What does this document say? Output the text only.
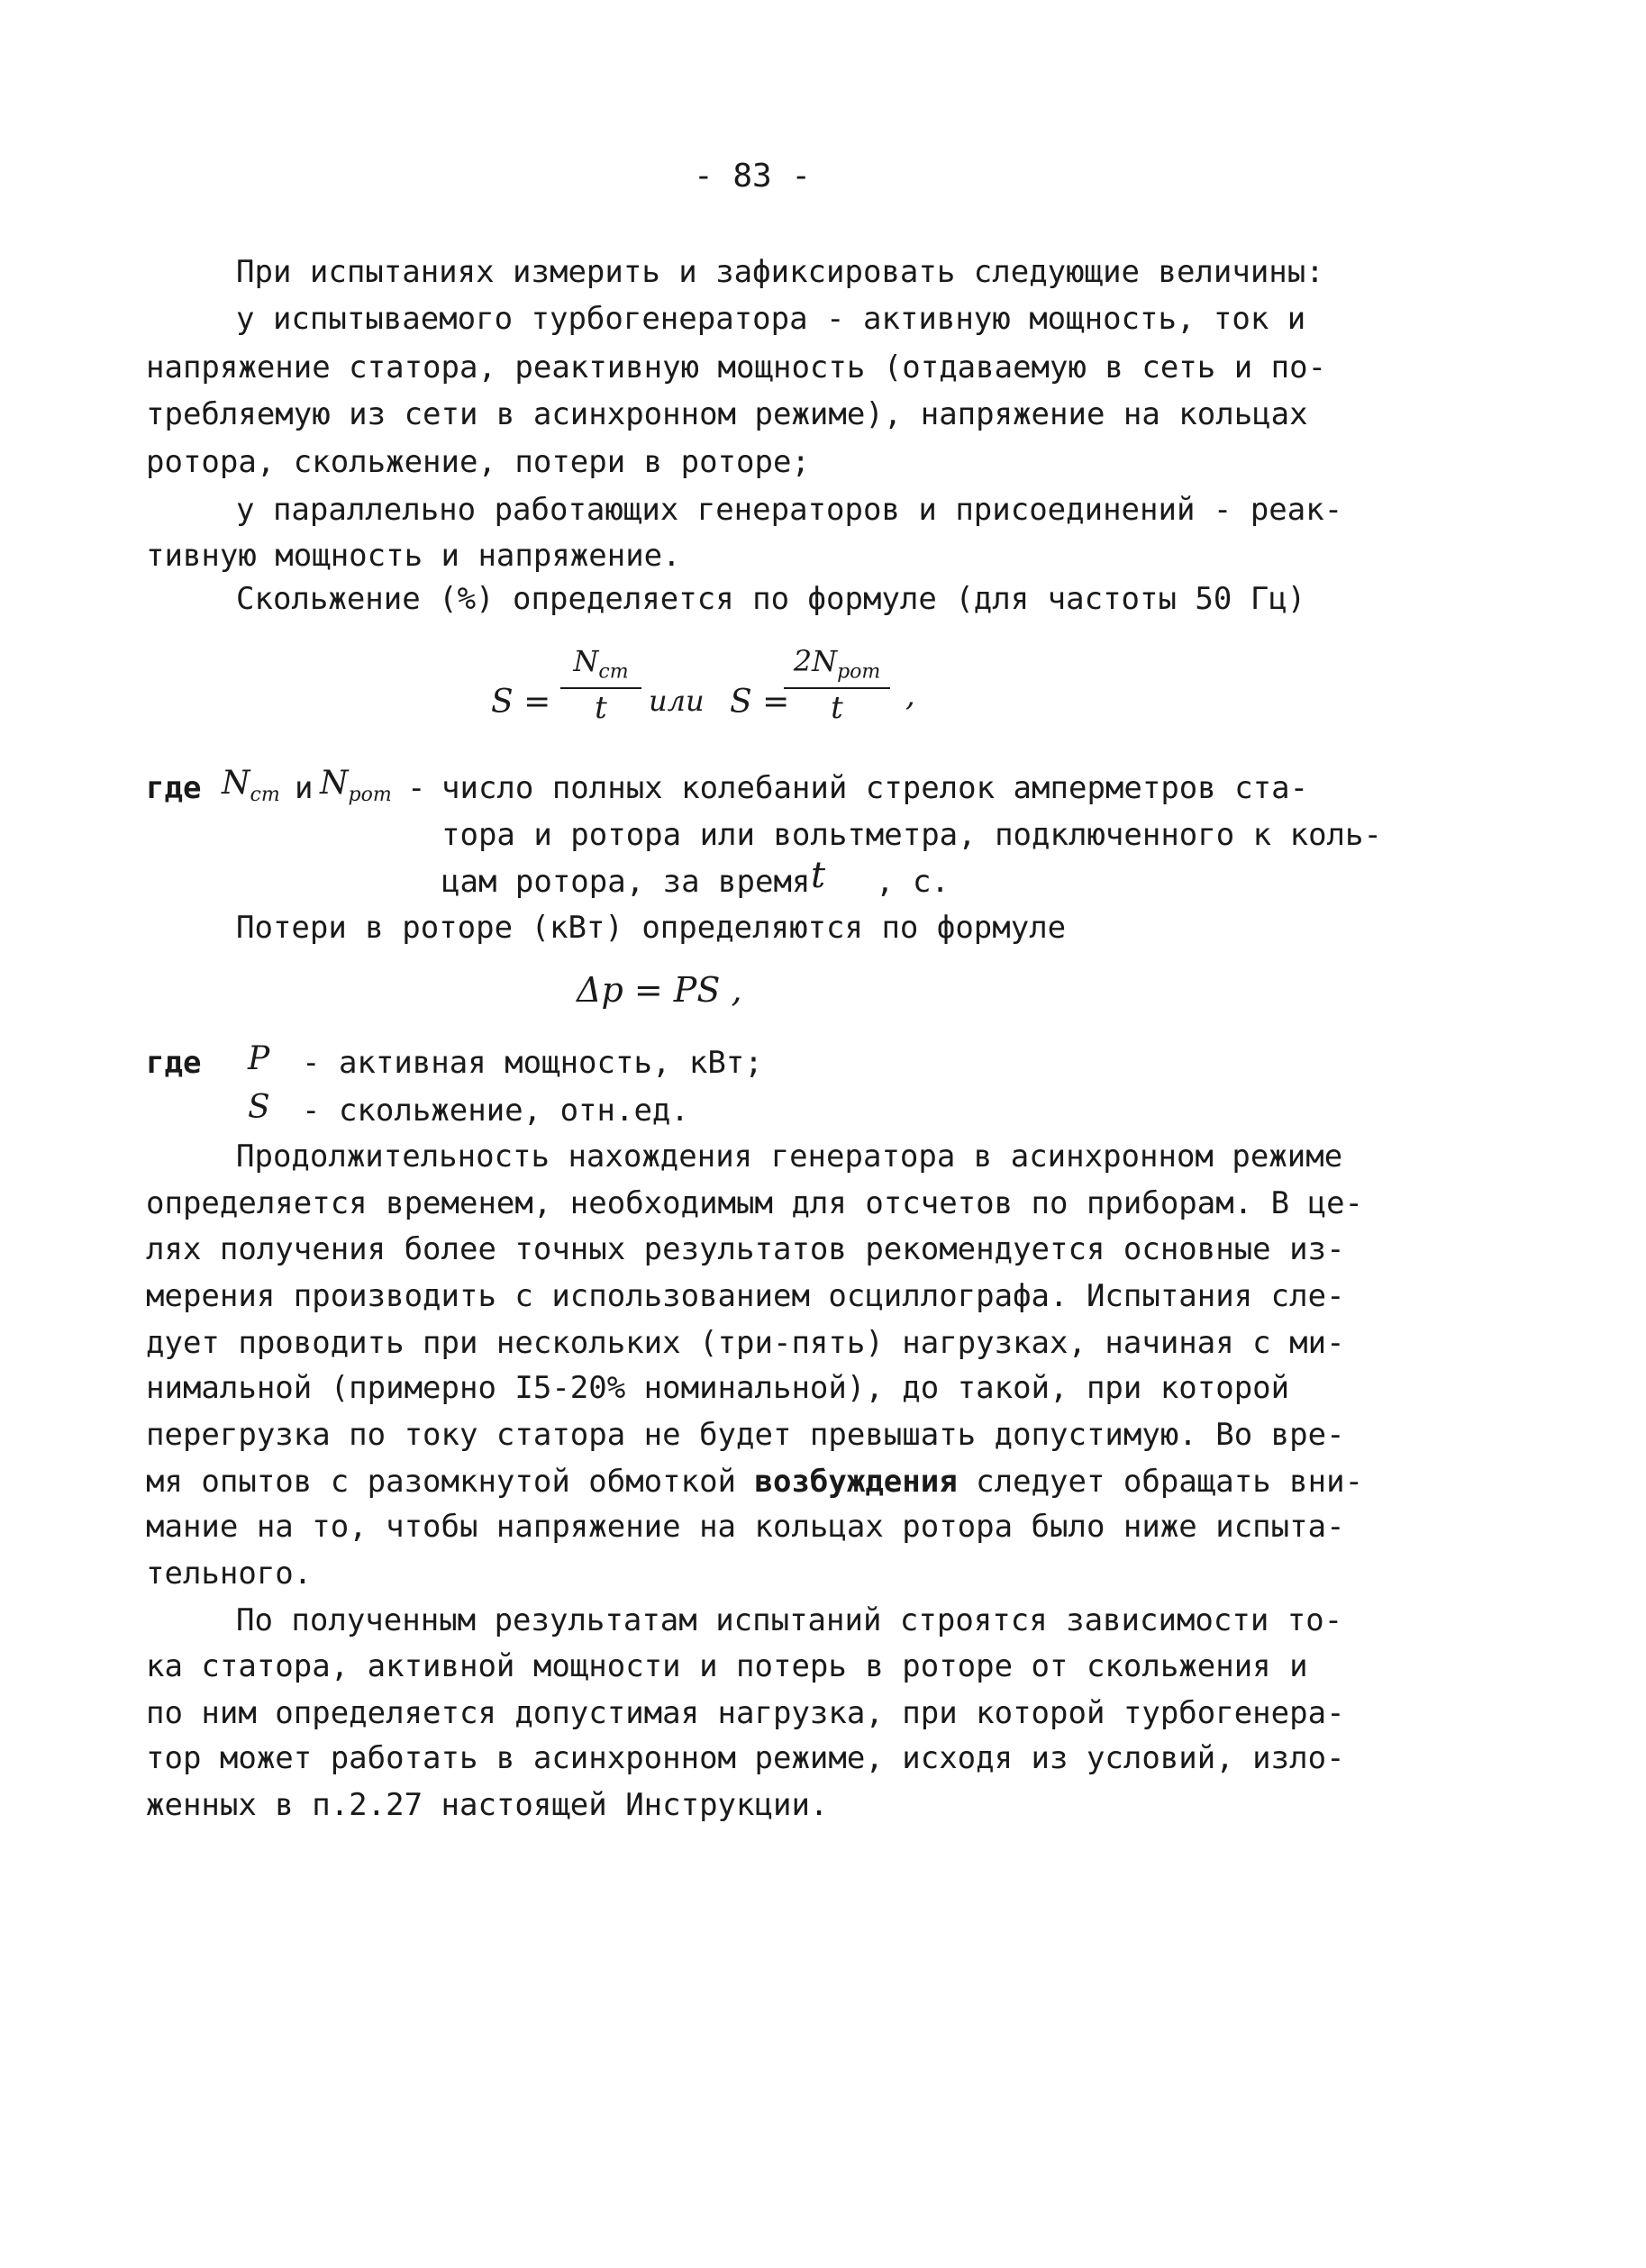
- 83 -
При испытаниях измерить и зафиксировать следующие величины:
у испытываемого турбогенератора - активную мощность, ток и
напряжение статора, реактивную мощность (отдаваемую в сеть и по-
требляемую из сети в асинхронном режиме), напряжение на кольцах
ротора, скольжение, потери в роторе;
у параллельно работающих генераторов и присоединений - реак-
тивную мощность и напряжение.
Скольжение (%) определяется по формуле (для частоты 50 Гц)
S =
$N_{ст}$
t	или S =
$2N_{рот}$
t	,
где $N_{ст}$ и $N_{рот}$ - число полных колебаний стрелок амперметров ста-
тора и ротора или вольтметра, подключенного к коль-
цам ротора, за время t , с.
Потери в роторе (кВт) определяются по формуле
Δp = PS ,
где P - активная мощность, кВт;
S - скольжение, отн.ед.
Продолжительность нахождения генератора в асинхронном режиме
определяется временем, необходимым для отсчетов по приборам. В це-
лях получения более точных результатов рекомендуется основные из-
мерения производить с использованием осциллографа. Испытания сле-
дует проводить при нескольких (три-пять) нагрузках, начиная с ми-
нимальной (примерно I5-20% номинальной), до такой, при которой
перегрузка по току статора не будет превышать допустимую. Во вре-
мя опытов с разомкнутой обмоткой возбуждения следует обращать вни-
мание на то, чтобы напряжение на кольцах ротора было ниже испыта-
тельного.
По полученным результатам испытаний строятся зависимости то-
ка статора, активной мощности и потерь в роторе от скольжения и
по ним определяется допустимая нагрузка, при которой турбогенера-
тор может работать в асинхронном режиме, исходя из условий, изло-
женных в п.2.27 настоящей Инструкции.
